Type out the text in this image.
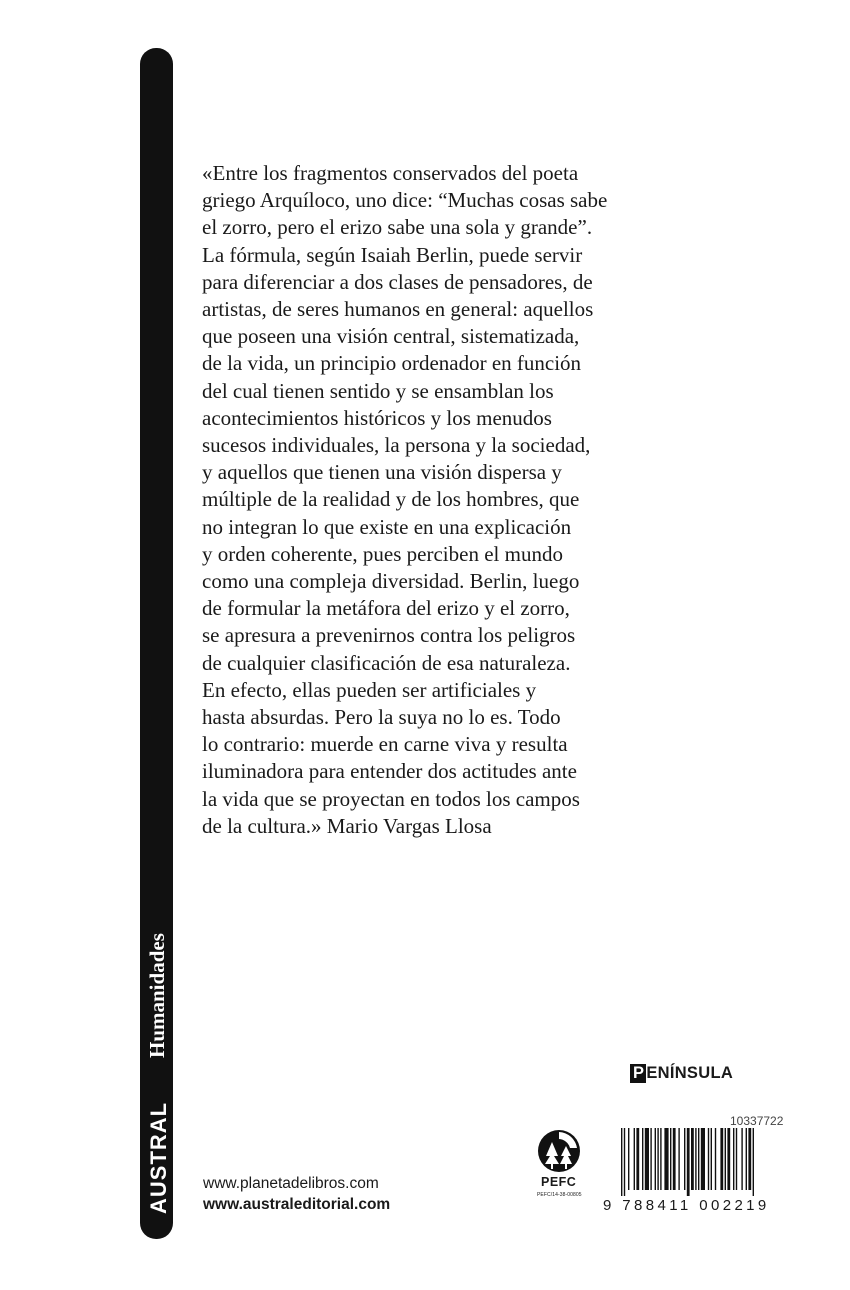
Humanidades
AUSTRAL
«Entre los fragmentos conservados del poeta
griego Arquíloco, uno dice: “Muchas cosas sabe
el zorro, pero el erizo sabe una sola y grande”.
La fórmula, según Isaiah Berlin, puede servir
para diferenciar a dos clases de pensadores, de
artistas, de seres humanos en general: aquellos
que poseen una visión central, sistematizada,
de la vida, un principio ordenador en función
del cual tienen sentido y se ensamblan los
acontecimientos históricos y los menudos
sucesos individuales, la persona y la sociedad,
y aquellos que tienen una visión dispersa y
múltiple de la realidad y de los hombres, que
no integran lo que existe en una explicación
y orden coherente, pues perciben el mundo
como una compleja diversidad. Berlin, luego
de formular la metáfora del erizo y el zorro,
se apresura a prevenirnos contra los peligros
de cualquier clasificación de esa naturaleza.
En efecto, ellas pueden ser artificiales y
hasta absurdas. Pero la suya no lo es. Todo
lo contrario: muerde en carne viva y resulta
iluminadora para entender dos actitudes ante
la vida que se proyectan en todos los campos
de la cultura.» Mario Vargas Llosa
www.planetadelibros.com
www.australeditorial.com
P ENÍNSULA
PEFC
PEFC/14-38-00805
10337722
9 788411 002219
